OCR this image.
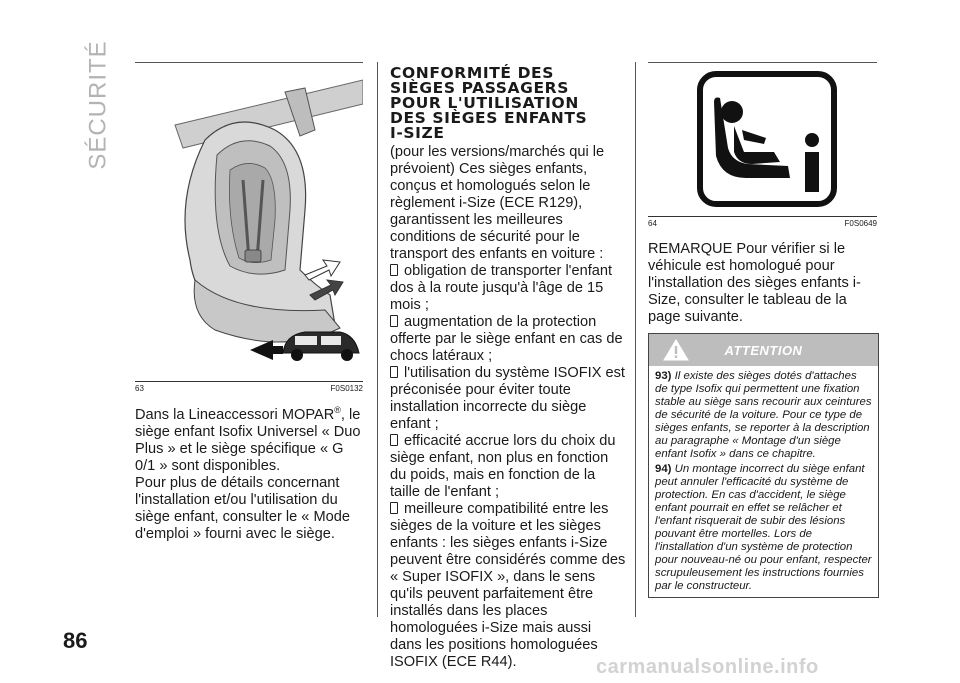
SÉCURITÉ
63	F0S0132

Dans la Lineaccessori MOPAR®, le siège enfant Isofix Universel « Duo Plus » et le siège spécifique « G 0/1 » sont disponibles.

Pour plus de détails concernant l'installation et/ou l'utilisation du siège enfant, consulter le « Mode d'emploi » fourni avec le siège.

CONFORMITÉ DES

SIÈGES PASSAGERS

POUR L'UTILISATION

DES SIÈGES ENFANTS

I-SIZE

(pour les versions/marchés qui le prévoient) Ces sièges enfants, conçus et homologués selon le règlement i-Size (ECE R129), garantissent les meilleures conditions de sécurité pour le transport des enfants en voiture :

obligation de transporter l'enfant dos à la route jusqu'à l'âge de 15 mois ;
augmentation de la protection offerte par le siège enfant en cas de chocs latéraux ;
l'utilisation du système ISOFIX est préconisée pour éviter toute installation incorrecte du siège enfant ;
efficacité accrue lors du choix du siège enfant, non plus en fonction du poids, mais en fonction de la taille de l'enfant ;
meilleure compatibilité entre les sièges de la voiture et les sièges enfants : les sièges enfants i-Size peuvent être considérés comme des « Super ISOFIX », dans le sens qu'ils peuvent parfaitement être installés dans les places homologuées i-Size mais aussi dans les positions homologuées ISOFIX (ECE R44).
64	F0S0649

REMARQUE Pour vérifier si le véhicule est homologué pour l'installation des sièges enfants i-Size, consulter le tableau de la page suivante.

ATTENTION

93) Il existe des sièges dotés d'attaches de type Isofix qui permettent une fixation stable au siège sans recourir aux ceintures de sécurité de la voiture. Pour ce type de sièges enfants, se reporter à la description au paragraphe « Montage d'un siège enfant Isofix » dans ce chapitre.

94) Un montage incorrect du siège enfant peut annuler l'efficacité du système de protection. En cas d'accident, le siège enfant pourrait en effet se relâcher et l'enfant risquerait de subir des lésions pouvant être mortelles. Lors de l'installation d'un système de protection pour nouveau-né ou pour enfant, respecter scrupuleusement les instructions fournies par le constructeur.

86
carmanualsonline.info
